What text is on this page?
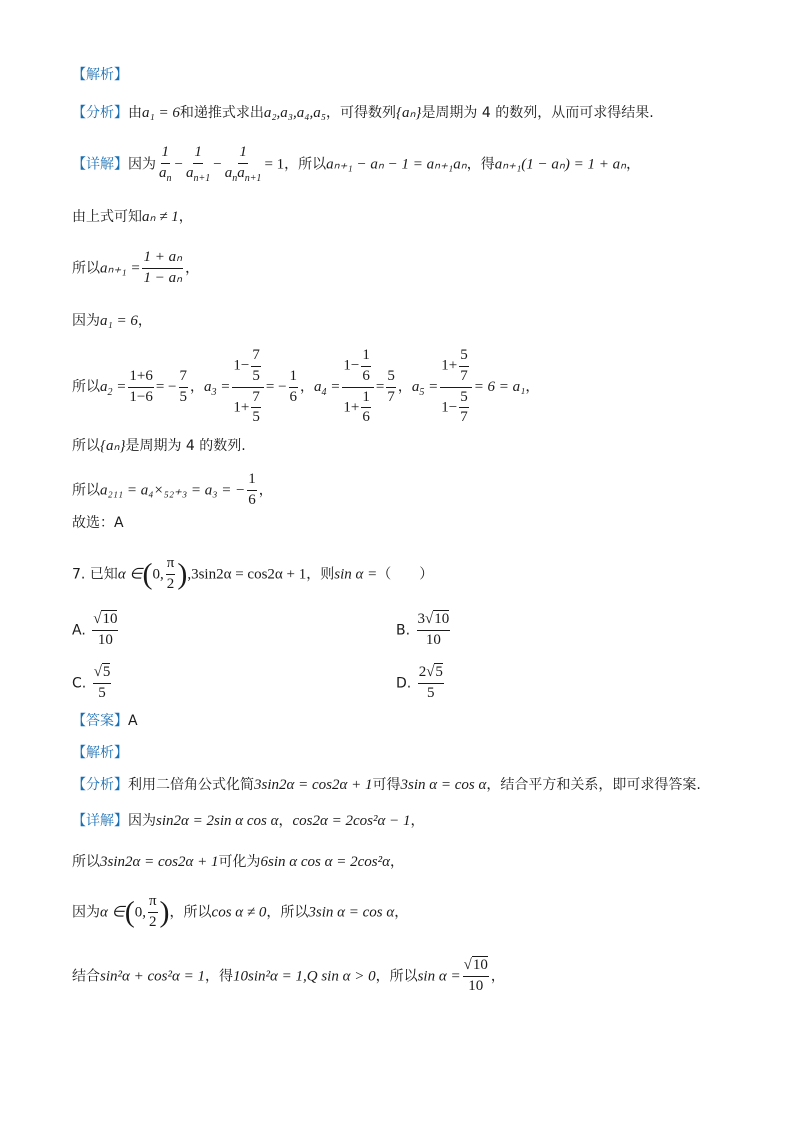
【解析】
【分析】由a₁ = 6和递推式求出a₂,a₃,a₄,a₅，可得数列{aₙ}是周期为 4 的数列，从而可求得结果.
【详解】因为 $\frac{1}{a_n} - \frac{1}{a_{n+1}} - \frac{1}{a_na_{n+1}} = 1$，所以aₙ₊₁ − aₙ − 1 = aₙ₊₁aₙ，得aₙ₊₁(1 − aₙ) = 1 + aₙ，
由上式可知aₙ ≠ 1，
所以$a_{n+1} = \frac{\text{1 + aₙ}}{\text{1 − aₙ}}$ ，
因为a₁ = 6，
所以$a_2 = \frac{1+6}{1-6}$ = − $\frac{7}{5}$ ，$a_3 = \frac{1- \frac{7}{5}}{1+ \frac{7}{5}}$ = − $\frac{1}{6}$ ，$a_4 = \frac{1- \frac{1}{6}}{1+ \frac{1}{6}} = \frac{5}{7}$ ，$a_5 = \frac{1+ \frac{5}{7}}{1- \frac{5}{7}} = 6 = a_1$，
所以{aₙ}是周期为 4 的数列.
所以a₂₁₁ = a₄×₅₂₊₃ = a₃ = − $\frac{1}{6}$ ，
故选：A
7. 已知α ∈(0, $\frac{\pi}{2} ),3\sin 2\alpha = \cos 2\alpha + 1$，则sin α =（　　）
A. $\frac{√10}{10}$	B. $\frac{3√10}{10}$
C. $\frac{√5}{5}$	D. $\frac{2√5}{5}$
【答案】A
【解析】
【分析】利用二倍角公式化简3sin2α = cos2α + 1可得3sin α = cos α，结合平方和关系，即可求得答案.
【详解】因为sin2α = 2sin α cos α，cos2α = 2cos²α − 1，
所以3sin2α = cos2α + 1可化为6sin α cos α = 2cos²α，
因为α ∈(0, $\frac{\pi}{2}$ )，所以cos α ≠ 0，所以3sin α = cos α，
结合sin²α + cos²α = 1，得10sin²α = 1,Q sin α > 0，所以$\sin \alpha = \frac{√10}{10}$ ，
